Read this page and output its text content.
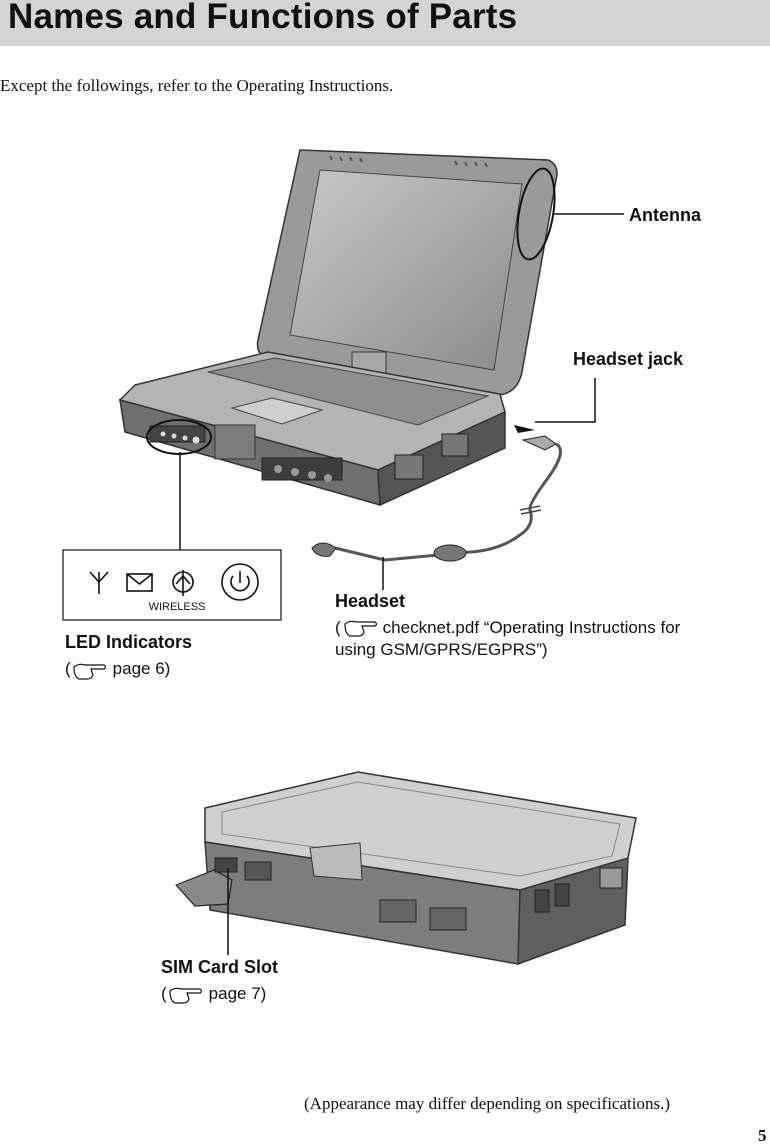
Names and Functions of Parts
Except the followings, refer to the Operating Instructions.
WIRELESS
Antenna
Headset jack
Headset
( checknet.pdf “Operating Instructions for
using GSM/GPRS/EGPRS”)
LED Indicators
( page 6)
SIM Card Slot
( page 7)
(Appearance may differ depending on specifications.)
5
